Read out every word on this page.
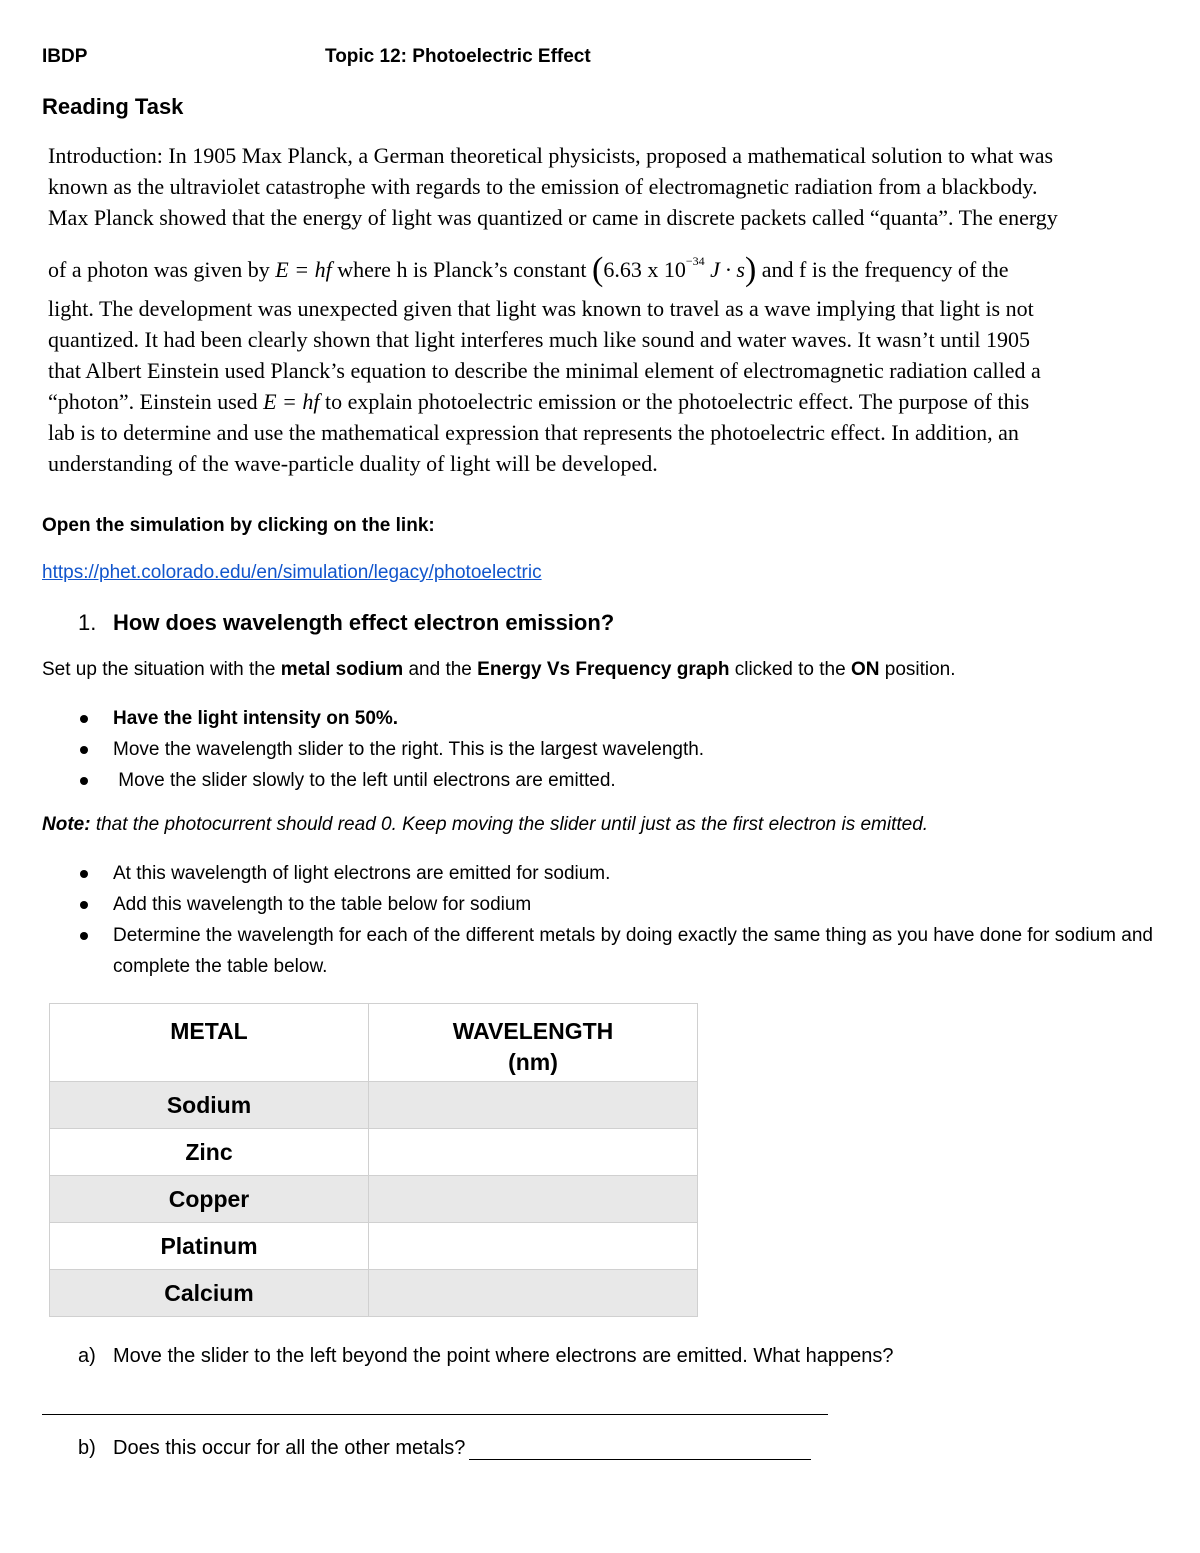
IBDP	Topic 12: Photoelectric Effect
Reading Task
Introduction: In 1905 Max Planck, a German theoretical physicists, proposed a mathematical solution to what was
known as the ultraviolet catastrophe with regards to the emission of electromagnetic radiation from a blackbody.
Max Planck showed that the energy of light was quantized or came in discrete packets called “quanta”. The energy
of a photon was given by E = hf where h is Planck’s constant (6.63 x $10^{-34}$ J · s) and f is the frequency of the
light. The development was unexpected given that light was known to travel as a wave implying that light is not
quantized. It had been clearly shown that light interferes much like sound and water waves. It wasn’t until 1905
that Albert Einstein used Planck’s equation to describe the minimal element of electromagnetic radiation called a
“photon”. Einstein used E = hf to explain photoelectric emission or the photoelectric effect. The purpose of this
lab is to determine and use the mathematical expression that represents the photoelectric effect. In addition, an
understanding of the wave-particle duality of light will be developed.
Open the simulation by clicking on the link:
https://phet.colorado.edu/en/simulation/legacy/photoelectric
1. How does wavelength effect electron emission?
Set up the situation with the metal sodium and the Energy Vs Frequency graph clicked to the ON position.
Have the light intensity on 50%.
Move the wavelength slider to the right. This is the largest wavelength.
Move the slider slowly to the left until electrons are emitted.
Note: that the photocurrent should read 0. Keep moving the slider until just as the first electron is emitted.
At this wavelength of light electrons are emitted for sodium.
Add this wavelength to the table below for sodium
Determine the wavelength for each of the different metals by doing exactly the same thing as you have done for sodium and complete the table below.
METAL	WAVELENGTH
(nm)

Sodium	
Zinc	
Copper	
Platinum	
Calcium	
a) Move the slider to the left beyond the point where electrons are emitted. What happens?
b) Does this occur for all the other metals?
